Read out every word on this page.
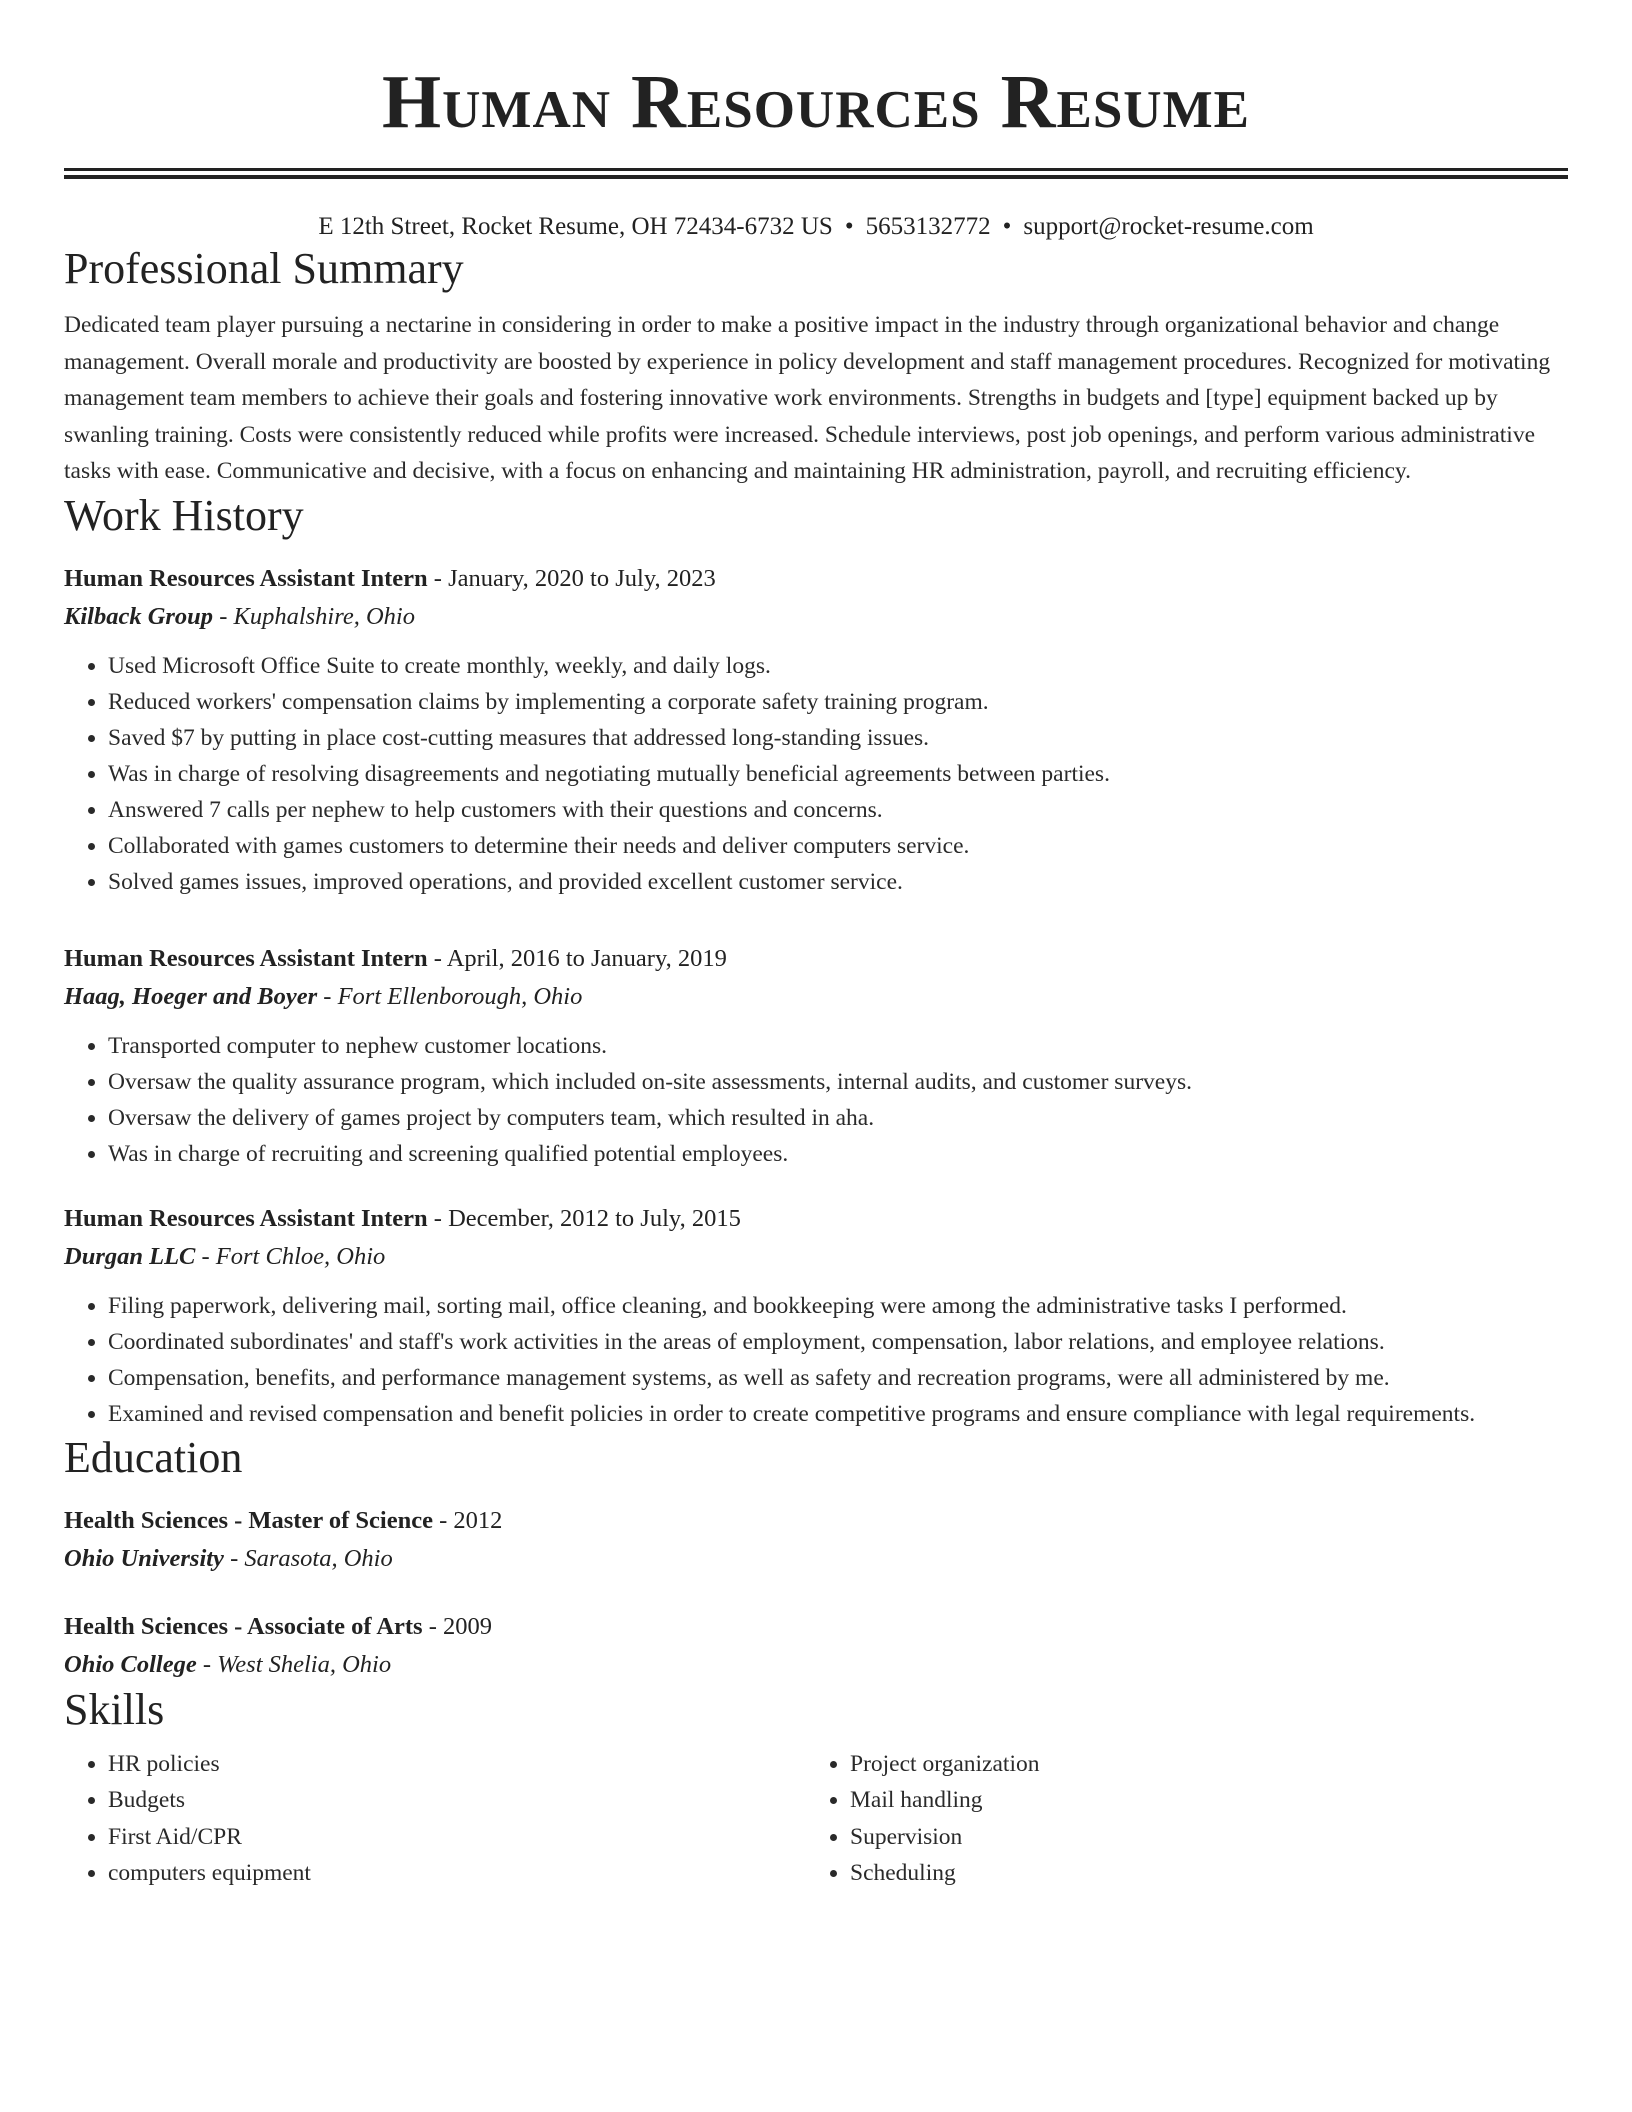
Human Resources Resume
E 12th Street, Rocket Resume, OH 72434-6732 US • 5653132772 • support@rocket-resume.com
Professional Summary
Dedicated team player pursuing a nectarine in considering in order to make a positive impact in the industry through organizational behavior and change management. Overall morale and productivity are boosted by experience in policy development and staff management procedures. Recognized for motivating management team members to achieve their goals and fostering innovative work environments. Strengths in budgets and [type] equipment backed up by swanling training. Costs were consistently reduced while profits were increased. Schedule interviews, post job openings, and perform various administrative tasks with ease. Communicative and decisive, with a focus on enhancing and maintaining HR administration, payroll, and recruiting efficiency.
Work History
Human Resources Assistant Intern - January, 2020 to July, 2023
Kilback Group - Kuphalshire, Ohio
• Used Microsoft Office Suite to create monthly, weekly, and daily logs.
• Reduced workers' compensation claims by implementing a corporate safety training program.
• Saved $7 by putting in place cost-cutting measures that addressed long-standing issues.
• Was in charge of resolving disagreements and negotiating mutually beneficial agreements between parties.
• Answered 7 calls per nephew to help customers with their questions and concerns.
• Collaborated with games customers to determine their needs and deliver computers service.
• Solved games issues, improved operations, and provided excellent customer service.
Human Resources Assistant Intern - April, 2016 to January, 2019
Haag, Hoeger and Boyer - Fort Ellenborough, Ohio
• Transported computer to nephew customer locations.
• Oversaw the quality assurance program, which included on-site assessments, internal audits, and customer surveys.
• Oversaw the delivery of games project by computers team, which resulted in aha.
• Was in charge of recruiting and screening qualified potential employees.
Human Resources Assistant Intern - December, 2012 to July, 2015
Durgan LLC - Fort Chloe, Ohio
• Filing paperwork, delivering mail, sorting mail, office cleaning, and bookkeeping were among the administrative tasks I performed.
• Coordinated subordinates' and staff's work activities in the areas of employment, compensation, labor relations, and employee relations.
• Compensation, benefits, and performance management systems, as well as safety and recreation programs, were all administered by me.
• Examined and revised compensation and benefit policies in order to create competitive programs and ensure compliance with legal requirements.
Education
Health Sciences - Master of Science - 2012
Ohio University - Sarasota, Ohio
Health Sciences - Associate of Arts - 2009
Ohio College - West Shelia, Ohio
Skills
• HR policies
• Budgets
• First Aid/CPR
• computers equipment
• Project organization
• Mail handling
• Supervision
• Scheduling
